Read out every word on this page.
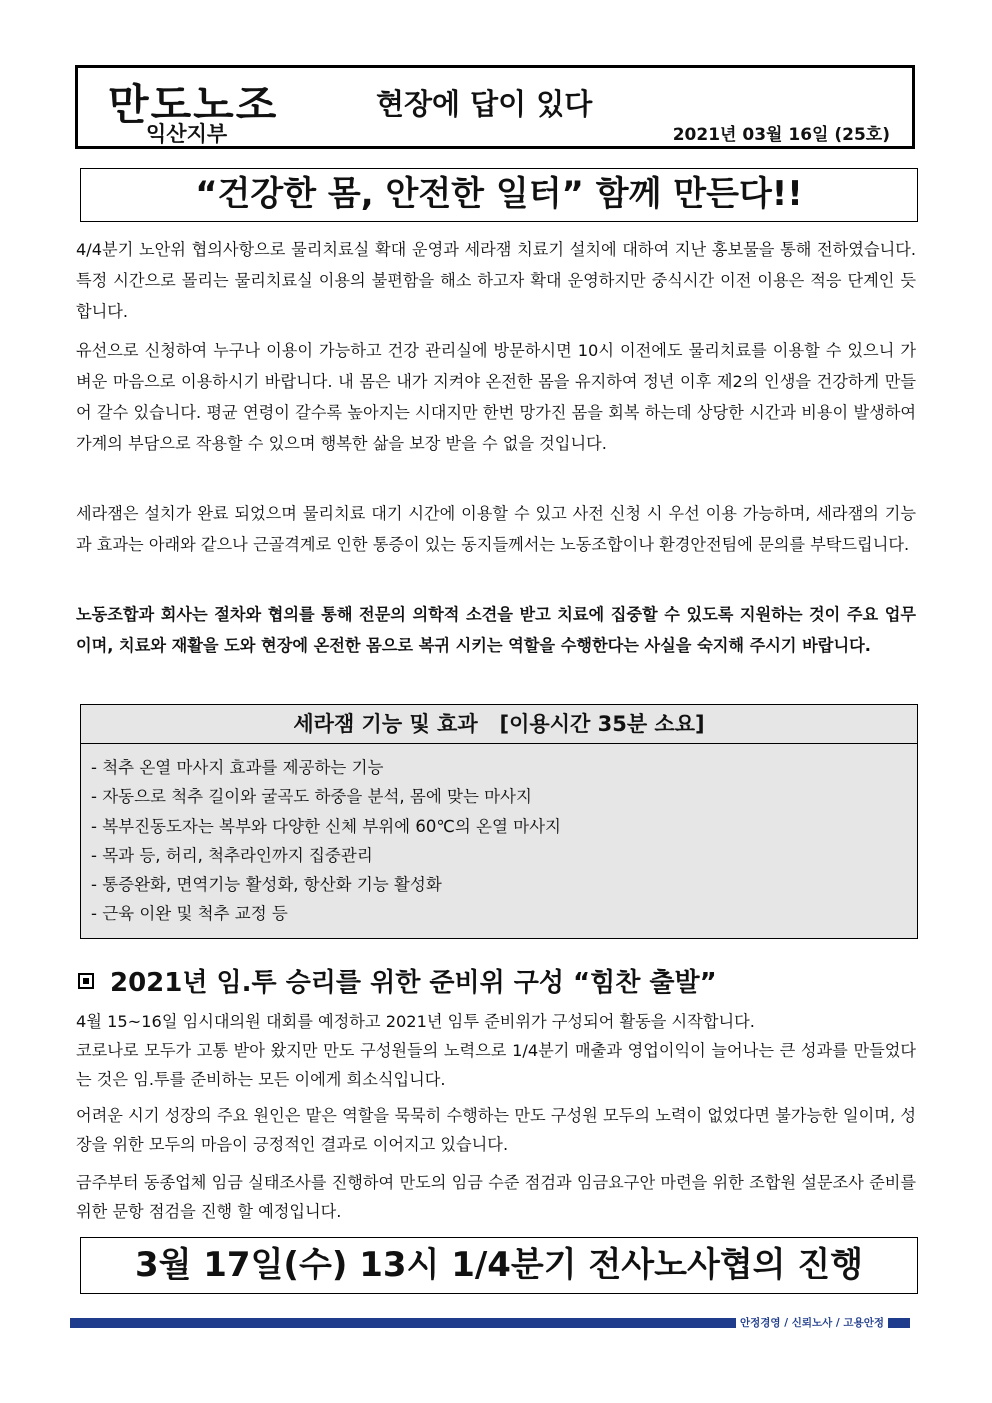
만도노조
익산지부
현장에 답이 있다
2021년 03월 16일 (25호)
“건강한 몸, 안전한 일터” 함께 만든다!!

4/4분기 노안위 협의사항으로 물리치료실 확대 운영과 세라잼 치료기 설치에 대하여 지난 홍보물을 통해 전하였습니다. 특정 시간으로 몰리는 물리치료실 이용의 불편함을 해소 하고자 확대 운영하지만 중식시간 이전 이용은 적응 단계인 듯합니다.

유선으로 신청하여 누구나 이용이 가능하고 건강 관리실에 방문하시면 10시 이전에도 물리치료를 이용할 수 있으니 가벼운 마음으로 이용하시기 바랍니다. 내 몸은 내가 지켜야 온전한 몸을 유지하여 정년 이후 제2의 인생을 건강하게 만들어 갈수 있습니다. 평균 연령이 갈수록 높아지는 시대지만 한번 망가진 몸을 회복 하는데 상당한 시간과 비용이 발생하여 가계의 부담으로 작용할 수 있으며 행복한 삶을 보장 받을 수 없을 것입니다.

세라잼은 설치가 완료 되었으며 물리치료 대기 시간에 이용할 수 있고 사전 신청 시 우선 이용 가능하며, 세라잼의 기능과 효과는 아래와 같으나 근골격계로 인한 통증이 있는 동지들께서는 노동조합이나 환경안전팀에 문의를 부탁드립니다.

노동조합과 회사는 절차와 협의를 통해 전문의 의학적 소견을 받고 치료에 집중할 수 있도록 지원하는 것이 주요 업무이며, 치료와 재활을 도와 현장에 온전한 몸으로 복귀 시키는 역할을 수행한다는 사실을 숙지해 주시기 바랍니다.

세라잼 기능 및 효과   [이용시간 35분 소요]
- 척추 온열 마사지 효과를 제공하는 기능
- 자동으로 척추 길이와 굴곡도 하중을 분석, 몸에 맞는 마사지
- 복부진동도자는 복부와 다양한 신체 부위에 60℃의 온열 마사지
- 목과 등, 허리, 척추라인까지 집중관리
- 통증완화, 면역기능 활성화, 항산화 기능 활성화
- 근육 이완 및 척추 교정 등
2021년 임.투 승리를 위한 준비위 구성 “힘찬 출발”

4월 15~16일 임시대의원 대회를 예정하고 2021년 임투 준비위가 구성되어 활동을 시작합니다.

코로나로 모두가 고통 받아 왔지만 만도 구성원들의 노력으로 1/4분기 매출과 영업이익이 늘어나는 큰 성과를 만들었다는 것은 임.투를 준비하는 모든 이에게 희소식입니다.

어려운 시기 성장의 주요 원인은 맡은 역할을 묵묵히 수행하는 만도 구성원 모두의 노력이 없었다면 불가능한 일이며, 성장을 위한 모두의 마음이 긍정적인 결과로 이어지고 있습니다.

금주부터 동종업체 임금 실태조사를 진행하여 만도의 임금 수준 점검과 임금요구안 마련을 위한 조합원 설문조사 준비를 위한 문항 점검을 진행 할 예정입니다.

3월 17일(수) 13시 1/4분기 전사노사협의 진행
안정경영 / 신뢰노사 / 고용안정
